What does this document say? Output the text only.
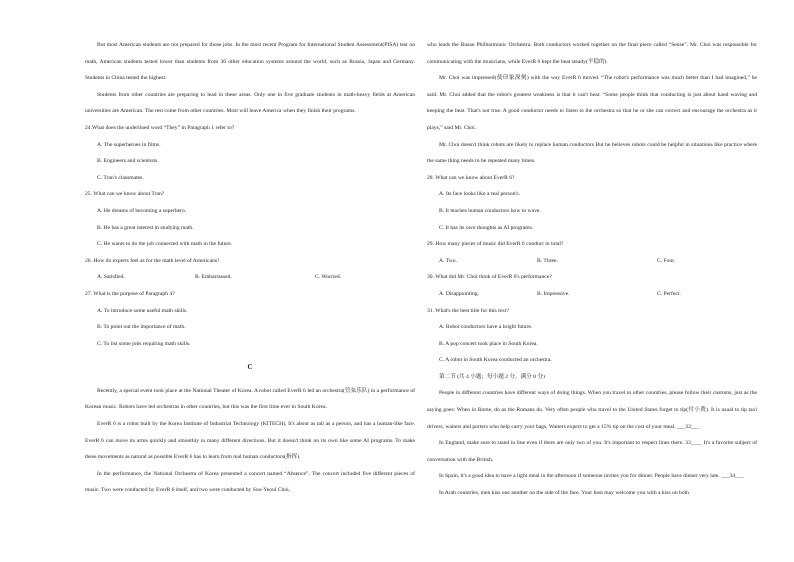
But most American students are not prepared for those jobs. In the most recent Program for International Student Assessment(PISA) test on math, American students tested lower than students from 36 other education systems around the world, such as Russia, Japan and Germany. Students in China tested the highest.

Students from other countries are preparing to lead in these areas. Only one in five graduate students in math-heavy fields at American universities are American. The rest come from other countries. Most will leave America when they finish their programs.

24.What does the underlined word “They” in Paragraph 1 refer to?

A. The superheroes in films.

B. Engineers and scientists.

C. Tran's classmates.

25. What can we know about Tran?

A. He dreams of becoming a superhero.

B. He has a great interest in studying math.

C. He wants to do the job connected with math in the future.

26. How do experts feel as for the math level of Americans?

A. Satisfied.	B. Embarrassed.	C. Worried.

27. What is the purpose of Paragraph 4?

A. To introduce some useful math skills.

B. To point out the importance of math.

C. To list some jobs requiring math skills.

C

Recently, a special event took place at the National Theater of Korea. A robot called EverR 6 led an orchestra(管弦乐队) in a performance of Korean music. Robots have led orchestras in other countries, but this was the first time ever in South Korea.

EverR 6 is a robot built by the Korea Institute of Industrial Technology (KITECH). It's about as tall as a person, and has a human-like face. EverR 6 can move its arms quickly and smoothly in many different directions. But it doesn't think on its own like some AI programs. To make these movements as natural as possible EverR 6 has to learn from real human conductors(指挥).

In the performance, the National Orchestra of Korea presented a concert named “Absence”. The concert included five different pieces of music. Two were conducted by EverR 6 itself, and two were conducted by Soo-Yeoul Choi,

who leads the Busan Philharmonic Orchestra. Both conductors worked together on the final piece called “Sense”. Mr. Choi was responsible for communicating with the musicians, while EverR 6 kept the beat steady(平稳的).

Mr. Choi was impressed(使印象深刻) with the way EverR 6 moved. “The robot's performance was much better than I had imagined,” he said. Mr. Choi added that the robot's greatest weakness is that it can't hear. “Some people think that conducting is just about hand waving and keeping the beat. That's not true. A good conductor needs to listen to the orchestra so that he or she can correct and encourage the orchestra as it plays,” said Mr. Choi.

Mr. Choi doesn't think robots are likely to replace human conductors But he believes robots could be helpful in situations like practice where the same thing needs to be repeated many times.

28. What can we know about EverR 6?

A. Its face looks like a real person's.

B. It teaches human conductors how to wave.

C. It has its own thoughts as AI programs.

29. How many pieces of music did EverR 6 conduct in total?

A. Two.	B. Three.	C. Four.

30. What did Mr. Choi think of EverR 6's performance?

A. Disappointing.	B. Impressive.	C. Perfect.

31. What's the best title for this text?

A. Robot conductors have a bright future.

B. A pop concert took place in South Korea.

C. A robot in South Korea conducted an orchestra.

第二节 (共 4 小题；每小题 2 分，满分 8 分)

People in different countries have different ways of doing things. When you travel to other countries, please follow their customs, just as the saying goes: When in Rome, do as the Romans do. Very often people who travel to the United States forget to tip(付小费). It is usual to tip taxi drivers, waiters and porters who help carry your bags. Waiters expect to get a 15% tip on the cost of your meal. ___32___

In England, make sure to stand in line even if there are only two of you. It's important to respect lines there. 33____ It's a favorite subject of conversation with the British.

In Spain, it's a good idea to have a light meal in the afternoon if someone invites you for dinner. People have dinner very late. ___34___

In Arab countries, men kiss one another on the side of the face. Your host may welcome you with a kiss on both
